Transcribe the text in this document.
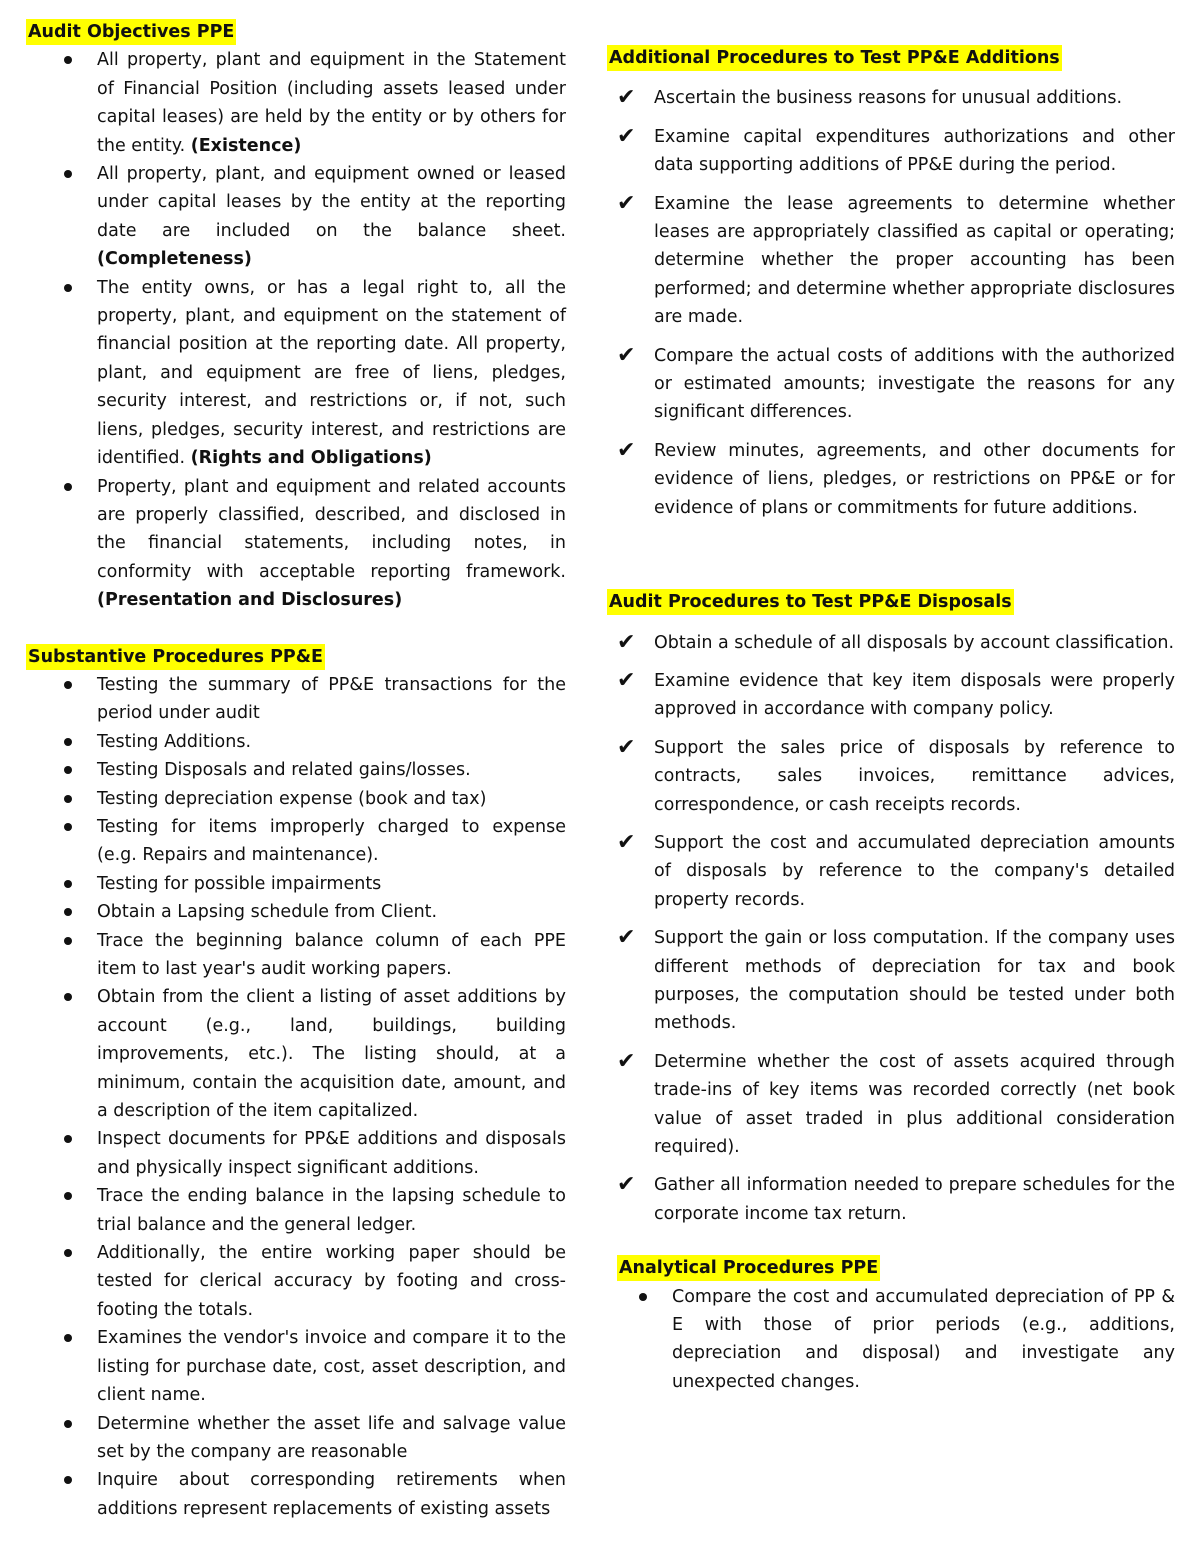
Audit Objectives PPE
All property, plant and equipment in the Statement of Financial Position (including assets leased under capital leases) are held by the entity or by others for the entity. (Existence)
All property, plant, and equipment owned or leased under capital leases by the entity at the reporting date are included on the balance sheet. (Completeness)
The entity owns, or has a legal right to, all the property, plant, and equipment on the statement of financial position at the reporting date. All property, plant, and equipment are free of liens, pledges, security interest, and restrictions or, if not, such liens, pledges, security interest, and restrictions are identified. (Rights and Obligations)
Property, plant and equipment and related accounts are properly classified, described, and disclosed in the financial statements, including notes, in conformity with acceptable reporting framework. (Presentation and Disclosures)
Substantive Procedures PP&E
Testing the summary of PP&E transactions for the period under audit
Testing Additions.
Testing Disposals and related gains/losses.
Testing depreciation expense (book and tax)
Testing for items improperly charged to expense (e.g. Repairs and maintenance).
Testing for possible impairments
Obtain a Lapsing schedule from Client.
Trace the beginning balance column of each PPE item to last year's audit working papers.
Obtain from the client a listing of asset additions by account (e.g., land, buildings, building improvements, etc.). The listing should, at a minimum, contain the acquisition date, amount, and a description of the item capitalized.
Inspect documents for PP&E additions and disposals and physically inspect significant additions.
Trace the ending balance in the lapsing schedule to trial balance and the general ledger.
Additionally, the entire working paper should be tested for clerical accuracy by footing and cross-footing the totals.
Examines the vendor's invoice and compare it to the listing for purchase date, cost, asset description, and client name.
Determine whether the asset life and salvage value set by the company are reasonable
Inquire about corresponding retirements when additions represent replacements of existing assets
Additional Procedures to Test PP&E Additions
✔ Ascertain the business reasons for unusual additions.
✔ Examine capital expenditures authorizations and other data supporting additions of PP&E during the period.
✔ Examine the lease agreements to determine whether leases are appropriately classified as capital or operating; determine whether the proper accounting has been performed; and determine whether appropriate disclosures are made.
✔ Compare the actual costs of additions with the authorized or estimated amounts; investigate the reasons for any significant differences.
✔ Review minutes, agreements, and other documents for evidence of liens, pledges, or restrictions on PP&E or for evidence of plans or commitments for future additions.
Audit Procedures to Test PP&E Disposals
✔ Obtain a schedule of all disposals by account classification.
✔ Examine evidence that key item disposals were properly approved in accordance with company policy.
✔ Support the sales price of disposals by reference to contracts, sales invoices, remittance advices, correspondence, or cash receipts records.
✔ Support the cost and accumulated depreciation amounts of disposals by reference to the company's detailed property records.
✔ Support the gain or loss computation. If the company uses different methods of depreciation for tax and book purposes, the computation should be tested under both methods.
✔ Determine whether the cost of assets acquired through trade-ins of key items was recorded correctly (net book value of asset traded in plus additional consideration required).
✔ Gather all information needed to prepare schedules for the corporate income tax return.
Analytical Procedures PPE
Compare the cost and accumulated depreciation of PP & E with those of prior periods (e.g., additions, depreciation and disposal) and investigate any unexpected changes.
